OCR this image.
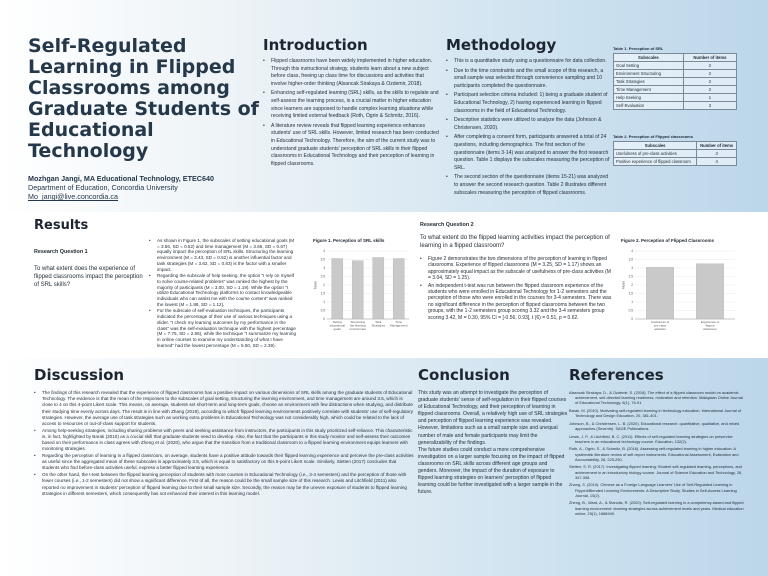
Self-Regulated Learning in Flipped Classrooms among Graduate Students of Educational Technology
Mozhgan Jangi, MA Educational Technology, ETEC640
Department of Education, Concordia University
Mo_jangi@live.concordia.ca
Introduction
• Flipped classrooms have been widely implemented in higher education. Through this instructional strategy, students learn about a new subject before class, freeing up class time for discussions and activities that involve higher-order thinking (Alsancak Sirakaya & Ozdemir, 2018).
• Enhancing self-regulated learning (SRL) skills, as the skills to regulate and self-assess the learning process, is a crucial matter in higher education since learners are supposed to handle complex learning situations while receiving limited external feedback (Roth, Ogrin & Schmitz, 2016).
• A literature review reveals that flipped learning experience enhances students' use of SRL skills. However, limited research has been conducted in Educational Technology. Therefore, the aim of the current study was to understand graduate students' perception of SRL skills in their flipped classrooms in Educational Technology and their perception of learning in flipped classrooms.
Methodology
• This is a quantitative study using a questionnaire for data collection.
• Due to the time constraints and the small scope of this research, a small sample was selected through convenience sampling and 10 participants completed the questionnaire.
• Participant selection criteria included: 1) being a graduate student of Educational Technology, 2) having experienced learning in flipped classrooms in the field of Educational Technology.
• Descriptive statistics were utilized to analyze the data (Johnson & Christensen, 2020).
• After completing a consent form, participants answered a total of 24 questions, including demographics. The first section of the questionnaire (items 3-14) was analyzed to answer the first research question. Table 1 displays the subscales measuring the perception of SRL.
• The second section of the questionnaire (items 15-21) was analyzed to answer the second research question. Table 2 illustrates different subscales measuring the perception of flipped classrooms.
Table 1. Perception of SRL
Subscales	Number of items
Goal Setting	2
Environment Structuring	2
Task Strategies	2
Time Management	2
Help Seeking	1
Self-Evaluation	3
Table 2. Perception of Flipped classrooms
Subscales	Number of items
Usefulness of pre-class activities	3
Positive experience of flipped classroom	4
Results
Research Question 1
To what extent does the experience of flipped classrooms impact the perception of SRL skills?
• As shown in Figure 1, the subscales of setting educational goals (M = 3.56, SD = 0.52) and time management (M = 3.56, SD = 0.67) equally impact the perception of SRL skills. Structuring the learning environment (M = 3.43, SD = 0.62) is another influential factor and task strategies (M = 3.62, SD = 0.83) is the factor with a smaller impact.
• Regarding the subscale of help seeking, the option "I rely on myself to solve course-related problems" was ranked the highest by the majority of participants (M = 3.00, SD = 1.19). While the option "I utilize Educational Technology platforms to contact knowledgeable individuals who can assist me with the course content" was ranked the lowest (M = 1.88, SD = 1.12).
• For the subscale of self-evaluation techniques, the participants indicated the percentage of their use of various techniques using a slider. "I check my learning outcomes by my performance in the class" was the self-evaluation technique with the highest percentage (M = 7.75, SD = 2.86), while the technique "I summarize my learning in online courses to examine my understanding of what I have learned" had the lowest percentage (M = 5.50, SD = 2.39).
Figure 1. Perception of SRL skills
0
0.5
1
1.5
2
2.5
3
3.5
4
Mean
Setting
educational
goals
Structuring
the learning
environment
Task
Strategies
Time
Management
Research Question 2
To what extent do the flipped learning activities impact the perception of learning in a flipped classroom?
• Figure 2 demonstrates the two dimensions of the perception of learning in flipped classrooms. Experience of flipped classrooms (M = 3.25, SD = 1.17) shows an approximately equal impact as the subscale of usefulness of pre-class activities (M = 3.04, SD = 1.25).
• An independent t-test was run between the flipped classroom experience of the students who were enrolled in Educational Technology for 1-2 semesters and the perception of those who were enrolled in the courses for 3-4 semesters. There was no significant difference in the perception of flipped classrooms between the two groups, with the 1-2 semesters group scoring 3.32 and the 3-4 semesters group scoring 3.42, M = 0.30, 95% CI = [-0.56, 0.93], t (6) = 0.51, p = 0.62.
Figure 2. Perception of Flipped Classrooms
0
0.5
1
1.5
2
2.5
3
3.5
4
Mean
Usefulness of
pre-class
activities
Experience of
flipped
classroom
Discussion
• The findings of this research revealed that the experience of flipped classrooms has a positive impact on various dimensions of SRL skills among the graduate students of Educational Technology. The evidence is that the mean of the responses to the subscales of goal setting, structuring the learning environment, and time management are around 3.5, which is close to 4 on this 4-point Likert scale. This means, on average, students set short-term and long-term goals, choose an environment with few distractions when studying, and distribute their studying time evenly across days. The result is in line with Zhang (2019), according to which flipped learning environments positively correlate with students' use of self-regulatory strategies. However, the average use of task strategies such as working extra problems in Educational Technology was not considerably high, which could be related to the lack of access to resources or out-of-class support for students.
• Among help-seeking strategies, including sharing problems with peers and seeking assistance from instructors, the participants in this study prioritized self-reliance. This characteristic is, in fact, highlighted by Barak (2010) as a crucial skill that graduate students need to develop. Also, the fact that the participants in this study monitor and self-assess their outcomes based on their performance in class agrees with Zheng et al. (2020), who argue that the transition from a traditional classroom to a flipped learning environment equips learners with monitoring strategies.
• Regarding the perception of learning in a flipped classroom, on average, students have a positive attitude towards their flipped learning experience and perceive the pre-class activities as useful since the aggregated mean of these subscales is approximately 3.5, which is equal to satisfactory on this 5-point Likert scale. Similarly, Sletten (2017) concludes that students who find before-class activities useful, express a better flipped learning experience.
• On the other hand, the t-test between the flipped learning perception of students with more courses in Educational Technology (i.e., 3-4 semesters) and the perception of those with fewer courses (i.e., 1-2 semesters) did not show a significant difference. First of all, the reason could be the small sample size of this research. Lewis and Litchfield (2011) also reported no improvement in students' perception of flipped learning due to their small sample size. Secondly, the reason may be the uneven exposure of students to flipped learning strategies in different semesters, which consequently has not enhanced their interest in this learning model.
Conclusion

This study was an attempt to investigate the perception of graduate students' sense of self-regulation in their flipped courses of Educational Technology, and their perception of learning in flipped classrooms. Overall, a relatively high use of SRL strategies and perception of flipped learning experience was revealed. However, limitations such as a small sample size and unequal number of male and female participants may limit the generalizability of the findings.

The future studies could conduct a more comprehensive investigation on a larger sample focusing on the impact of flipped classrooms on SRL skills across different age groups and genders. Moreover, the impact of the duration of exposure to flipped learning strategies on learners' perception of flipped learning could be further investigated with a larger sample in the future.

References
Alsancak Sirakaya, D., & Ozdemir, S. (2018). The effect of a flipped classroom model on academic achievement, self-directed learning readiness, motivation and retention. Malaysian Online Journal of Educational Technology, 6(1), 76-91.
Barak, M. (2010). Motivating self-regulated learning in technology education. International Journal of Technology and Design Education, 20, 381-401.
Johnson, B., & Christensen, L. B. (2020). Educational research: quantitative, qualitative, and mixed approaches (Seventh). SAGE Publications.
Lewis, J. P., & Litchfield, B. C. (2011). Effects of self-regulated learning strategies on preservice teachers in an educational technology course. Education, 132(2).
Roth, A., Ogrin, S., & Schmitz, B. (2016). Assessing self-regulated learning in higher education: A systematic literature review of self-report instruments. Educational Assessment, Evaluation and Accountability, 28, 225-250.
Sletten, S. R. (2017). Investigating flipped learning: Student self-regulated learning, perceptions, and achievement in an introductory biology course. Journal of Science Education and Technology, 26, 347-358.
Zhang, S. (2019). Chinese as a Foreign Language Learners' Use of Self-Regulated Learning in Flipped/Blended Learning Environments: A Descriptive Study. Studies in Self-Access Learning Journal, 10(2).
Zheng, B., Ward, A., & Stanulis, R. (2020). Self-regulated learning in a competency-based and flipped learning environment: learning strategies across achievement levels and years. Medical education online, 25(1), 1686949.
